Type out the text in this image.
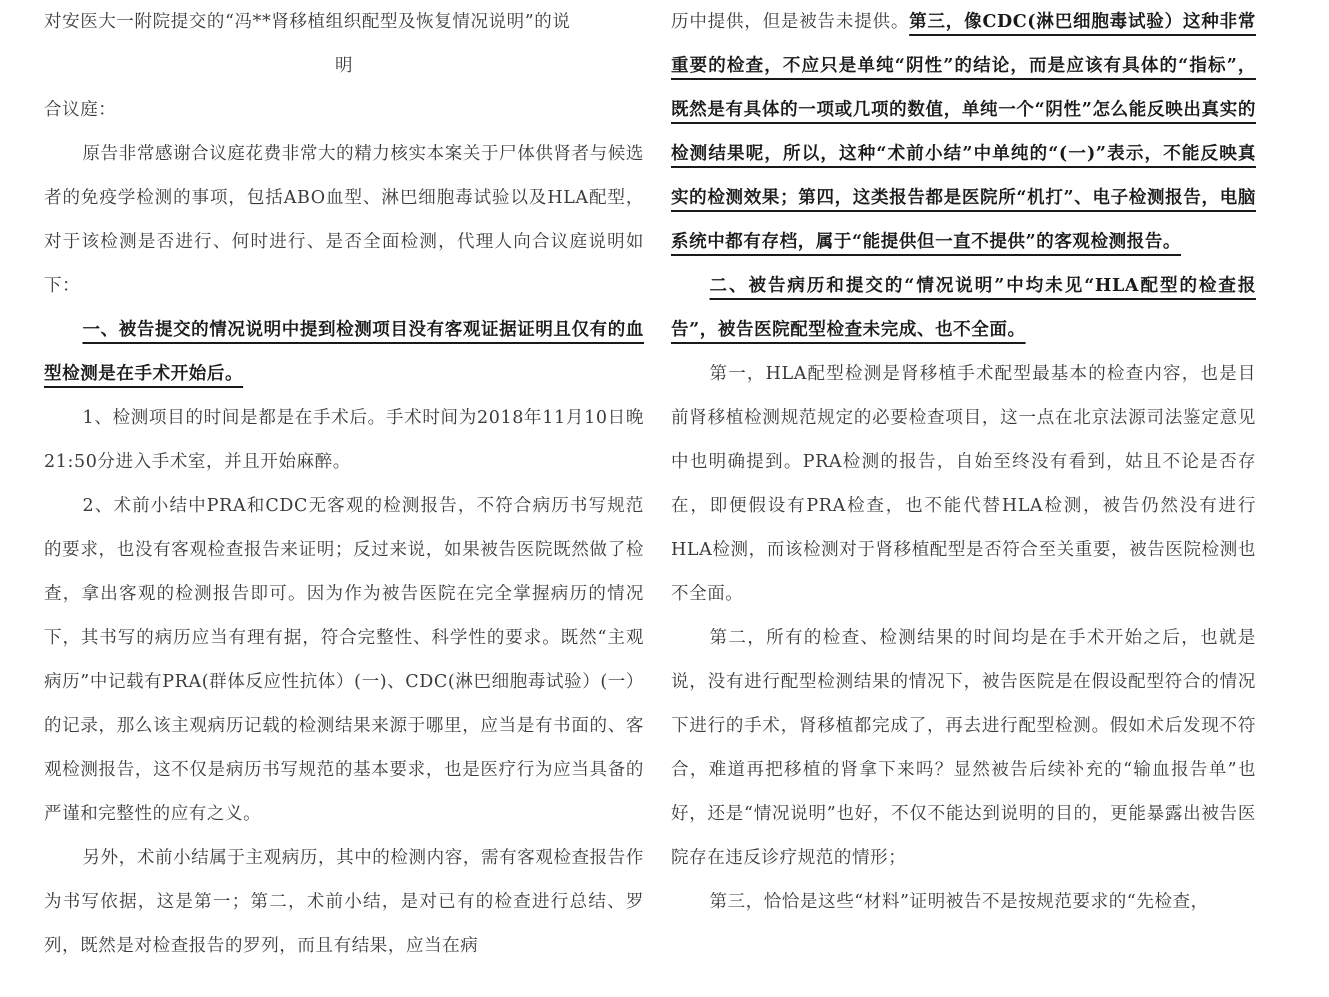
对安医大一附院提交的“冯**肾移植组织配型及恢复情况说明”的说

明

合议庭：

原告非常感谢合议庭花费非常大的精力核实本案关于尸体供肾者与候选者的免疫学检测的事项，包括ABO血型、淋巴细胞毒试验以及HLA配型，对于该检测是否进行、何时进行、是否全面检测，代理人向合议庭说明如下：

一、被告提交的情况说明中提到检测项目没有客观证据证明且仅有的血型检测是在手术开始后。

1、检测项目的时间是都是在手术后。手术时间为2018年11月10日晚21:50分进入手术室，并且开始麻醉。

2、术前小结中PRA和CDC无客观的检测报告，不符合病历书写规范的要求，也没有客观检查报告来证明；反过来说，如果被告医院既然做了检查，拿出客观的检测报告即可。因为作为被告医院在完全掌握病历的情况下，其书写的病历应当有理有据，符合完整性、科学性的要求。既然“主观病历”中记载有PRA(群体反应性抗体）(一)、CDC(淋巴细胞毒试验）(一）的记录，那么该主观病历记载的检测结果来源于哪里，应当是有书面的、客观检测报告，这不仅是病历书写规范的基本要求，也是医疗行为应当具备的严谨和完整性的应有之义。

另外，术前小结属于主观病历，其中的检测内容，需有客观检查报告作为书写依据，这是第一；第二，术前小结，是对已有的检查进行总结、罗列，既然是对检查报告的罗列，而且有结果，应当在病

历中提供，但是被告未提供。第三，像CDC(淋巴细胞毒试验）这种非常重要的检查，不应只是单纯“阴性”的结论，而是应该有具体的“指标”，既然是有具体的一项或几项的数值，单纯一个“阴性”怎么能反映出真实的检测结果呢，所以，这种“术前小结”中单纯的“(一)”表示，不能反映真实的检测效果；第四，这类报告都是医院所“机打”、电子检测报告，电脑系统中都有存档，属于“能提供但一直不提供”的客观检测报告。

二、被告病历和提交的“情况说明”中均未见“HLA配型的检查报告”，被告医院配型检查未完成、也不全面。

第一，HLA配型检测是肾移植手术配型最基本的检查内容，也是目前肾移植检测规范规定的必要检查项目，这一点在北京法源司法鉴定意见中也明确提到。PRA检测的报告，自始至终没有看到，姑且不论是否存在，即便假设有PRA检查，也不能代替HLA检测，被告仍然没有进行HLA检测，而该检测对于肾移植配型是否符合至关重要，被告医院检测也不全面。

第二，所有的检查、检测结果的时间均是在手术开始之后，也就是说，没有进行配型检测结果的情况下，被告医院是在假设配型符合的情况下进行的手术，肾移植都完成了，再去进行配型检测。假如术后发现不符合，难道再把移植的肾拿下来吗？显然被告后续补充的“输血报告单”也好，还是“情况说明”也好，不仅不能达到说明的目的，更能暴露出被告医院存在违反诊疗规范的情形；

第三，恰恰是这些“材料”证明被告不是按规范要求的“先检查，
